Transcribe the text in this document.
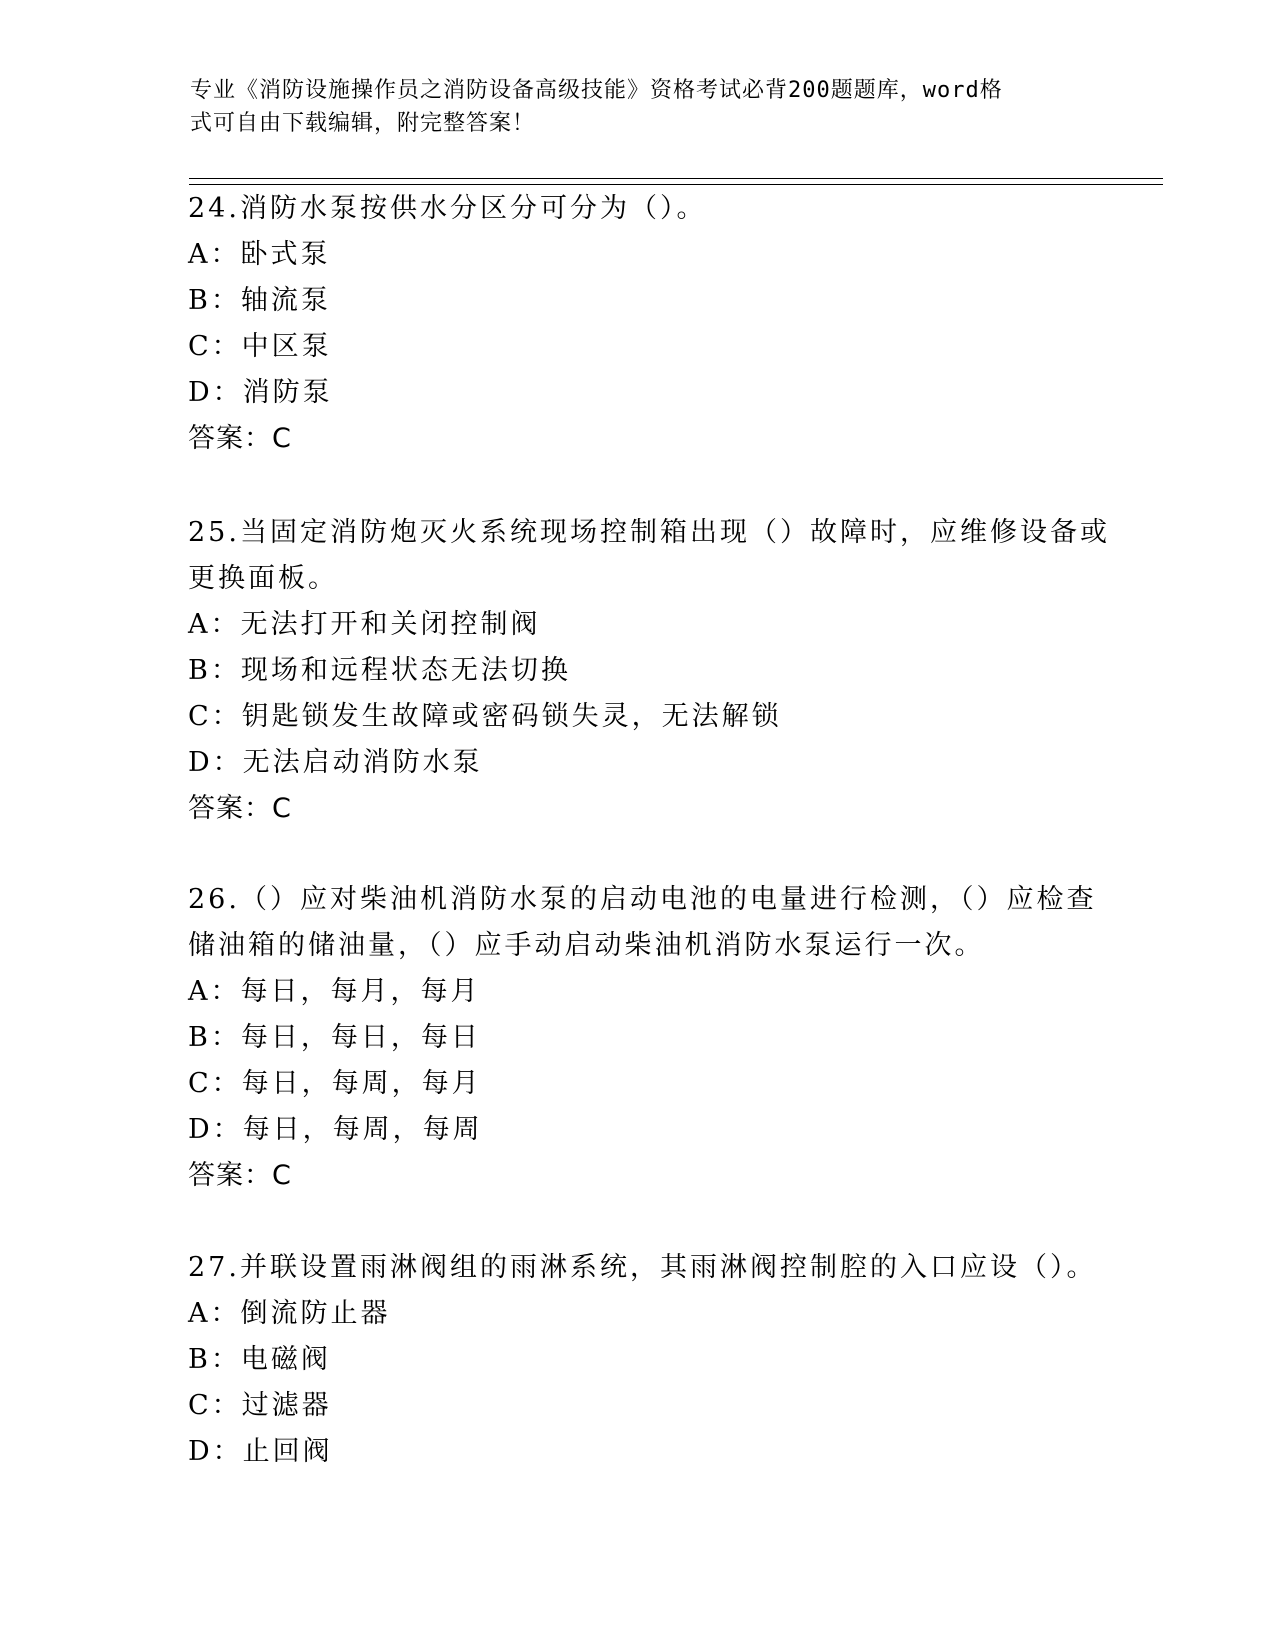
专业《消防设施操作员之消防设备高级技能》资格考试必背200题题库，word格
式可自由下载编辑，附完整答案！
24.消防水泵按供水分区分可分为（）。
A：卧式泵
B：轴流泵
C：中区泵
D：消防泵
答案：C
25.当固定消防炮灭火系统现场控制箱出现（）故障时，应维修设备或
更换面板。
A：无法打开和关闭控制阀
B：现场和远程状态无法切换
C：钥匙锁发生故障或密码锁失灵，无法解锁
D：无法启动消防水泵
答案：C
26.（）应对柴油机消防水泵的启动电池的电量进行检测，（）应检查
储油箱的储油量，（）应手动启动柴油机消防水泵运行一次。
A：每日，每月，每月
B：每日，每日，每日
C：每日，每周，每月
D：每日，每周，每周
答案：C
27.并联设置雨淋阀组的雨淋系统，其雨淋阀控制腔的入口应设（）。
A：倒流防止器
B：电磁阀
C：过滤器
D：止回阀
